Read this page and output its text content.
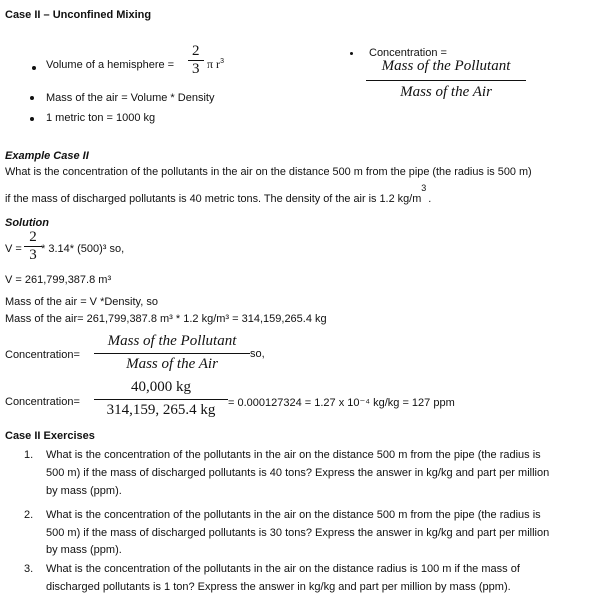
Case II – Unconfined Mixing
Volume of a hemisphere = $\frac{2}{3}$ π $r^3$
Mass of the air = Volume * Density
1 metric ton = 1000 kg
Concentration =
Mass of the Pollutant
Mass of the Air
Example Case II
What is the concentration of the pollutants in the air on the distance 500 m from the pipe (the radius is 500 m)
if the mass of discharged pollutants is 40 metric tons. The density of the air is 1.2 $kg/m^3$.
Solution
$V = \frac{2}{3} * 3.14*$ (500)³ so,
V = 261,799,387.8 m³
Mass of the air = V *Density, so
Mass of the air= 261,799,387.8 m³ * 1.2 kg/m³ = 314,159,265.4 kg
Concentration=
Mass of the Pollutant
Mass of the Air
so,
Concentration= $\frac{40,000 kg}{314,159, 265.4 kg} = 0.000127324 = 1.27$ x 10⁻⁴ kg/kg = 127 ppm
Case II Exercises
1. What is the concentration of the pollutants in the air on the distance 500 m from the pipe (the radius is
500 m) if the mass of discharged pollutants is 40 tons? Express the answer in kg/kg and part per million
by mass (ppm).
2. What is the concentration of the pollutants in the air on the distance 500 m from the pipe (the radius is
500 m) if the mass of discharged pollutants is 30 tons? Express the answer in kg/kg and part per million
by mass (ppm).
3. What is the concentration of the pollutants in the air on the distance radius is 100 m if the mass of
discharged pollutants is 1 ton? Express the answer in kg/kg and part per million by mass (ppm).
